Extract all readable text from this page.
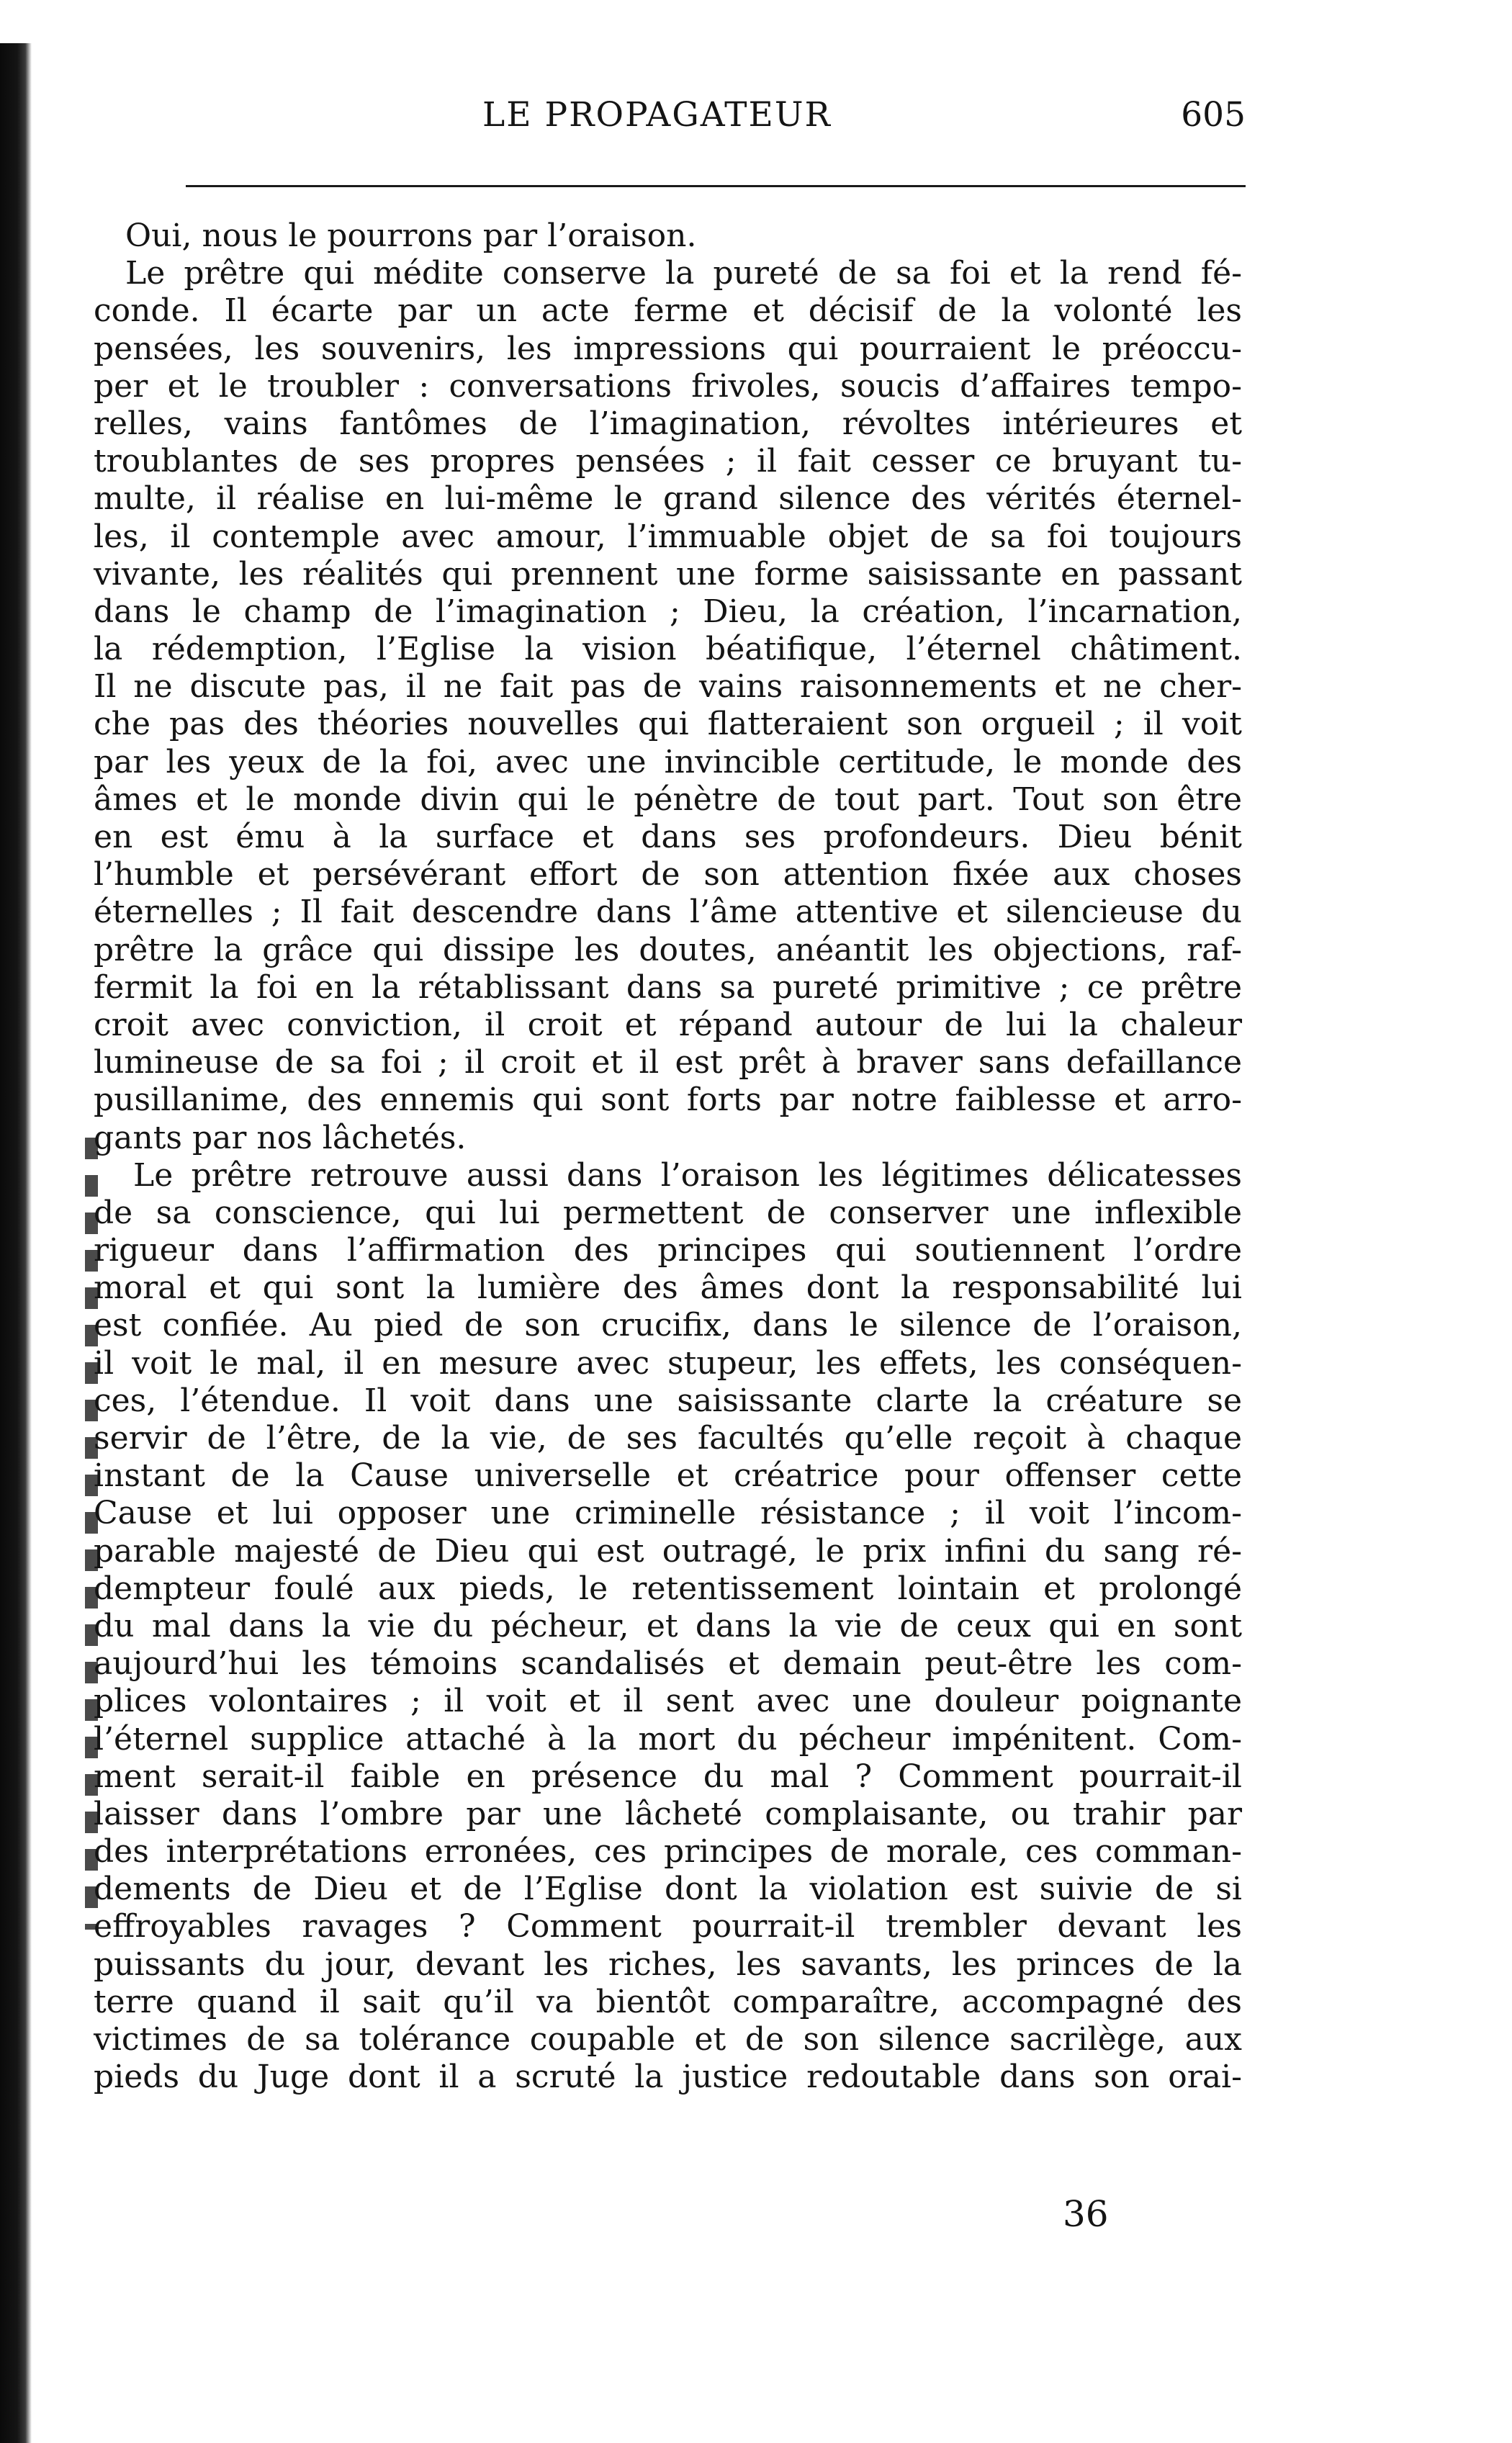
LE PROPAGATEUR	605
Oui, nous le pourrons par l’oraison.
Le prêtre qui médite conserve la pureté de sa foi et la rend fé-
conde. Il écarte par un acte ferme et décisif de la volonté les
pensées, les souvenirs, les impressions qui pourraient le préoccu-
per et le troubler : conversations frivoles, soucis d’affaires tempo-
relles, vains fantômes de l’imagination, révoltes intérieures et
troublantes de ses propres pensées ; il fait cesser ce bruyant tu-
multe, il réalise en lui-même le grand silence des vérités éternel-
les, il contemple avec amour, l’immuable objet de sa foi toujours
vivante, les réalités qui prennent une forme saisissante en passant
dans le champ de l’imagination ; Dieu, la création, l’incarnation,
la rédemption, l’Eglise la vision béatifique, l’éternel châtiment.
Il ne discute pas, il ne fait pas de vains raisonnements et ne cher-
che pas des théories nouvelles qui flatteraient son orgueil ; il voit
par les yeux de la foi, avec une invincible certitude, le monde des
âmes et le monde divin qui le pénètre de tout part. Tout son être
en est ému à la surface et dans ses profondeurs. Dieu bénit
l’humble et persévérant effort de son attention fixée aux choses
éternelles ; Il fait descendre dans l’âme attentive et silencieuse du
prêtre la grâce qui dissipe les doutes, anéantit les objections, raf-
fermit la foi en la rétablissant dans sa pureté primitive ; ce prêtre
croit avec conviction, il croit et répand autour de lui la chaleur
lumineuse de sa foi ; il croit et il est prêt à braver sans defaillance
pusillanime, des ennemis qui sont forts par notre faiblesse et arro-
gants par nos lâchetés.
Le prêtre retrouve aussi dans l’oraison les légitimes délicatesses
de sa conscience, qui lui permettent de conserver une inflexible
rigueur dans l’affirmation des principes qui soutiennent l’ordre
moral et qui sont la lumière des âmes dont la responsabilité lui
est confiée. Au pied de son crucifix, dans le silence de l’oraison,
il voit le mal, il en mesure avec stupeur, les effets, les conséquen-
ces, l’étendue. Il voit dans une saisissante clarte la créature se
servir de l’être, de la vie, de ses facultés qu’elle reçoit à chaque
instant de la Cause universelle et créatrice pour offenser cette
Cause et lui opposer une criminelle résistance ; il voit l’incom-
parable majesté de Dieu qui est outragé, le prix infini du sang ré-
dempteur foulé aux pieds, le retentissement lointain et prolongé
du mal dans la vie du pécheur, et dans la vie de ceux qui en sont
aujourd’hui les témoins scandalisés et demain peut-être les com-
plices volontaires ; il voit et il sent avec une douleur poignante
l’éternel supplice attaché à la mort du pécheur impénitent. Com-
ment serait-il faible en présence du mal ? Comment pourrait-il
laisser dans l’ombre par une lâcheté complaisante, ou trahir par
des interprétations erronées, ces principes de morale, ces comman-
dements de Dieu et de l’Eglise dont la violation est suivie de si
effroyables ravages ? Comment pourrait-il trembler devant les
puissants du jour, devant les riches, les savants, les princes de la
terre quand il sait qu’il va bientôt comparaître, accompagné des
victimes de sa tolérance coupable et de son silence sacrilège, aux
pieds du Juge dont il a scruté la justice redoutable dans son orai-
36
